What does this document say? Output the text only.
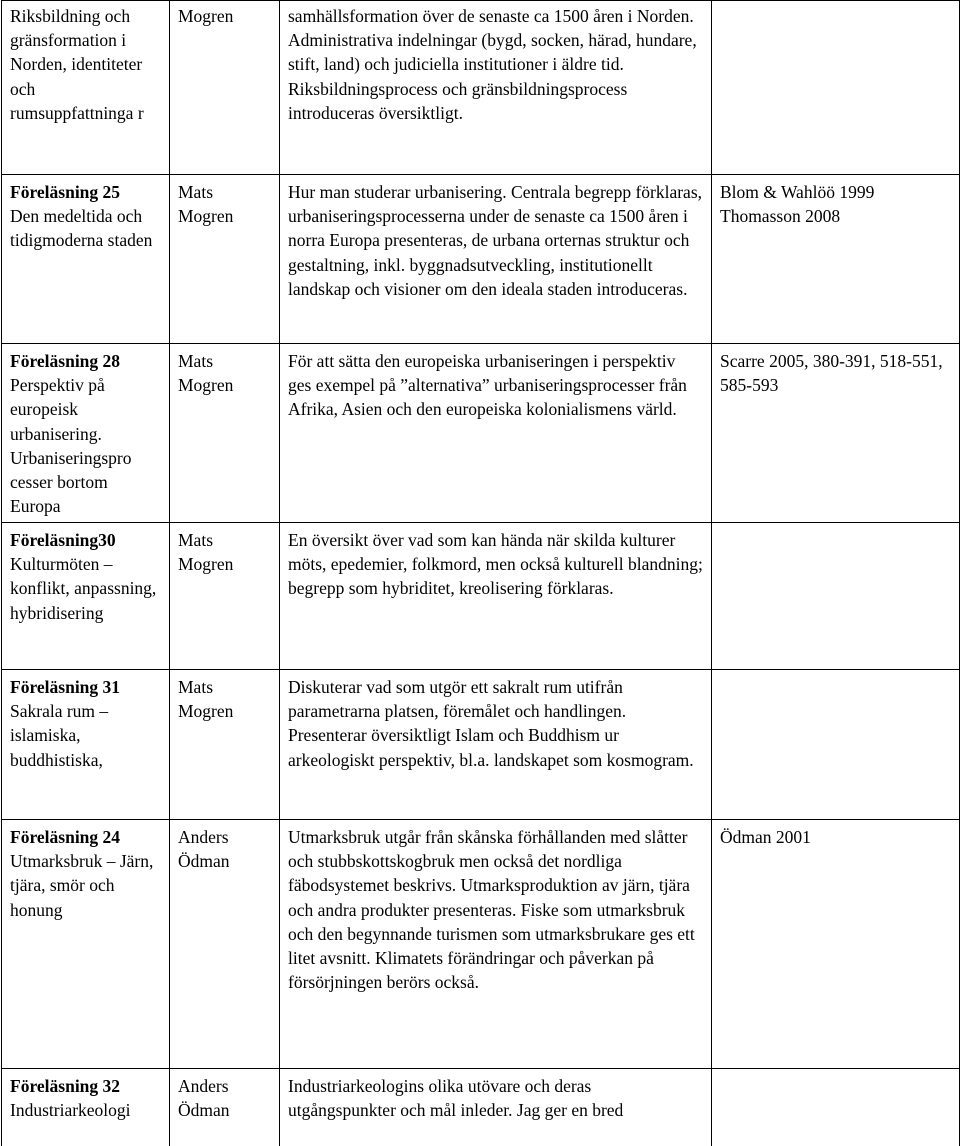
Riksbildning och gränsformation i Norden, identiteter och rumsuppfattninga r	Mogren	samhällsformation över de senaste ca 1500 åren i Norden. Administrativa indelningar (bygd, socken, härad, hundare, stift, land) och judiciella institutioner i äldre tid. Riksbildningsprocess och gränsbildningsprocess introduceras översiktligt.	

Föreläsning 25
Den medeltida och tidigmoderna staden	Mats Mogren	Hur man studerar urbanisering. Centrala begrepp förklaras, urbaniseringsprocesserna under de senaste ca 1500 åren i norra Europa presenteras, de urbana orternas struktur och gestaltning, inkl. byggnadsutveckling, institutionellt landskap och visioner om den ideala staden introduceras.	Blom & Wahlöö 1999 Thomasson 2008

Föreläsning 28
Perspektiv på europeisk urbanisering. Urbaniseringspro cesser bortom Europa	Mats Mogren	För att sätta den europeiska urbaniseringen i perspektiv ges exempel på ”alternativa” urbaniseringsprocesser från Afrika, Asien och den europeiska kolonialismens värld.	Scarre 2005, 380-391, 518-551, 585-593

Föreläsning30
Kulturmöten – konflikt, anpassning, hybridisering	Mats Mogren	En översikt över vad som kan hända när skilda kulturer möts, epedemier, folkmord, men också kulturell blandning; begrepp som hybriditet, kreolisering förklaras.	

Föreläsning 31
Sakrala rum – islamiska, buddhistiska,	Mats Mogren	Diskuterar vad som utgör ett sakralt rum utifrån parametrarna platsen, föremålet och handlingen. Presenterar översiktligt Islam och Buddhism ur arkeologiskt perspektiv, bl.a. landskapet som kosmogram.	

Föreläsning 24
Utmarksbruk – Järn, tjära, smör och honung	Anders Ödman	Utmarksbruk utgår från skånska förhållanden med slåtter och stubbskottskogbruk men också det nordliga fäbodsystemet beskrivs. Utmarksproduktion av järn, tjära och andra produkter presenteras. Fiske som utmarksbruk och den begynnande turismen som utmarksbrukare ges ett litet avsnitt. Klimatets förändringar och påverkan på försörjningen berörs också.	Ödman 2001

Föreläsning 32
Industriarkeologi	Anders Ödman	Industriarkeologins olika utövare och deras utgångspunkter och mål inleder. Jag ger en bred	
